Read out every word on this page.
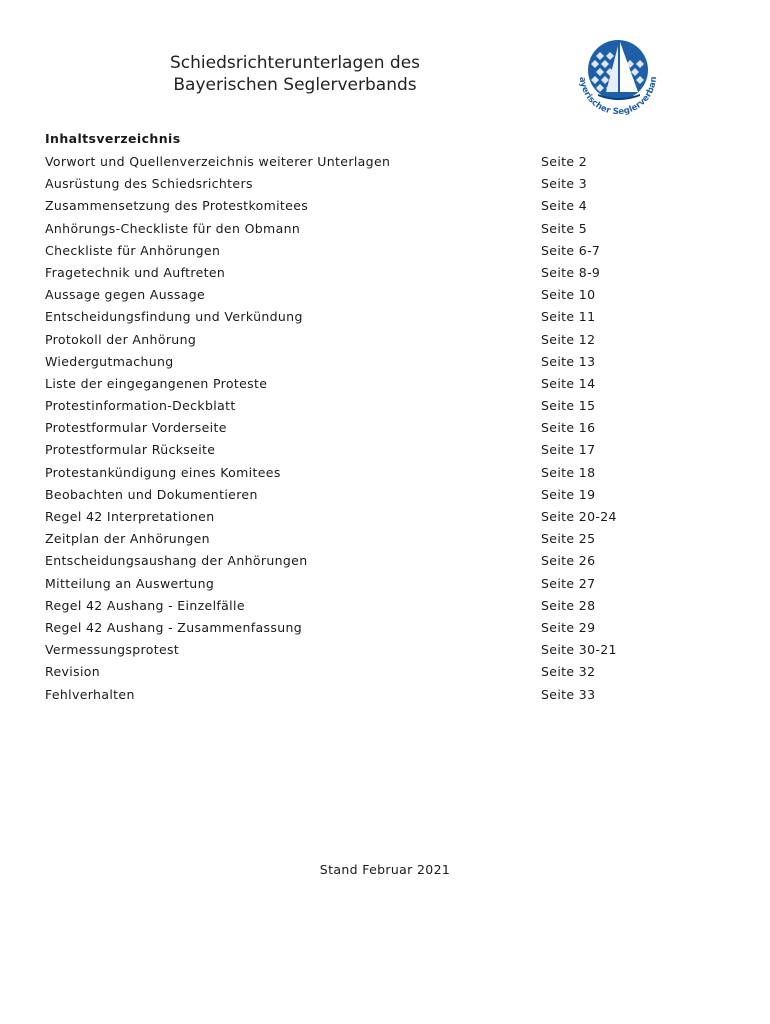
Schiedsrichterunterlagen des
Bayerischen Seglerverbands	ayerischer Seglerverban
Inhaltsverzeichnis
Vorwort und Quellenverzeichnis weiterer Unterlagen	Seite 2
Ausrüstung des Schiedsrichters	Seite 3
Zusammensetzung des Protestkomitees	Seite 4
Anhörungs-Checkliste für den Obmann	Seite 5
Checkliste für Anhörungen	Seite 6-7
Fragetechnik und Auftreten	Seite 8-9
Aussage gegen Aussage	Seite 10
Entscheidungsfindung und Verkündung	Seite 11
Protokoll der Anhörung	Seite 12
Wiedergutmachung	Seite 13
Liste der eingegangenen Proteste	Seite 14
Protestinformation-Deckblatt	Seite 15
Protestformular Vorderseite	Seite 16
Protestformular Rückseite	Seite 17
Protestankündigung eines Komitees	Seite 18
Beobachten und Dokumentieren	Seite 19
Regel 42 Interpretationen	Seite 20-24
Zeitplan der Anhörungen	Seite 25
Entscheidungsaushang der Anhörungen	Seite 26
Mitteilung an Auswertung	Seite 27
Regel 42 Aushang - Einzelfälle	Seite 28
Regel 42 Aushang - Zusammenfassung	Seite 29
Vermessungsprotest	Seite 30-21
Revision	Seite 32
Fehlverhalten	Seite 33
Stand Februar 2021
